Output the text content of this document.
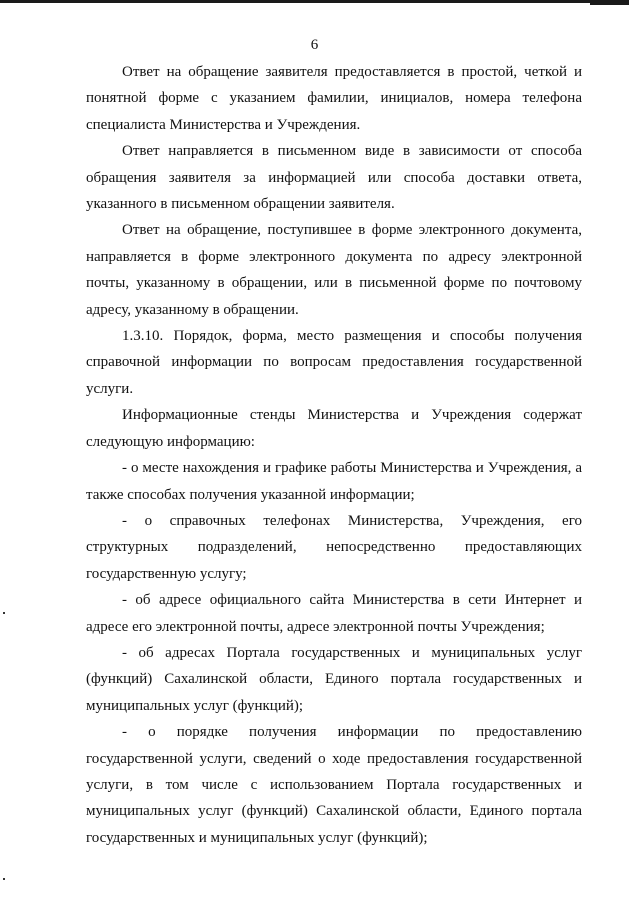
6

Ответ на обращение заявителя предоставляется в простой, четкой и понятной форме с указанием фамилии, инициалов, номера телефона специалиста Министерства и Учреждения.

Ответ направляется в письменном виде в зависимости от способа обращения заявителя за информацией или способа доставки ответа, указанного в письменном обращении заявителя.

Ответ на обращение, поступившее в форме электронного документа, направляется в форме электронного документа по адресу электронной почты, указанному в обращении, или в письменной форме по почтовому адресу, указанному в обращении.

1.3.10. Порядок, форма, место размещения и способы получения справочной информации по вопросам предоставления государственной услуги.

Информационные стенды Министерства и Учреждения содержат следующую информацию:

- о месте нахождения и графике работы Министерства и Учреждения, а также способах получения указанной информации;

- о справочных телефонах Министерства, Учреждения, его структурных подразделений, непосредственно предоставляющих государственную услугу;

- об адресе официального сайта Министерства в сети Интернет и адресе его электронной почты, адресе электронной почты Учреждения;

- об адресах Портала государственных и муниципальных услуг (функций) Сахалинской области, Единого портала государственных и муниципальных услуг (функций);

- о порядке получения информации по предоставлению государственной услуги, сведений о ходе предоставления государственной услуги, в том числе с использованием Портала государственных и муниципальных услуг (функций) Сахалинской области, Единого портала государственных и муниципальных услуг (функций);
